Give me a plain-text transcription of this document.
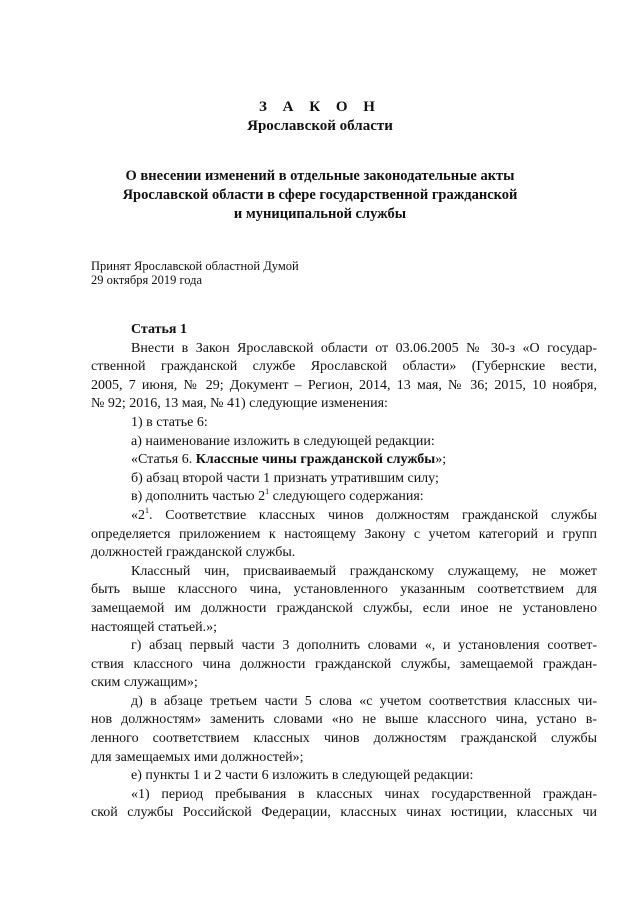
З А К О Н
Ярославской области
О внесении изменений в отдельные законодательные акты
Ярославской области в сфере государственной гражданской
и муниципальной службы
Принят Ярославской областной Думой
29 октября 2019 года
Статья 1
Внести в Закон Ярославской области от 03.06.2005 № 30-з «О государ-
ственной гражданской службе Ярославской области» (Губернские вести,
2005, 7 июня, № 29; Документ – Регион, 2014, 13 мая, № 36; 2015, 10 ноября,
№ 92; 2016, 13 мая, № 41) следующие изменения:
1) в статье 6:
а) наименование изложить в следующей редакции:
«Статья 6. Классные чины гражданской службы»;
б) абзац второй части 1 признать утратившим силу;
в) дополнить частью $2^1$ следующего содержания:
«$2^1$. Соответствие классных чинов должностям гражданской службы
определяется приложением к настоящему Закону с учетом категорий и групп
должностей гражданской службы.
Классный чин, присваиваемый гражданскому служащему, не может
быть выше классного чина, установленного указанным соответствием для
замещаемой им должности гражданской службы, если иное не установлено
настоящей статьей.»;
г) абзац первый части 3 дополнить словами «, и установления соответ-
ствия классного чина должности гражданской службы, замещаемой граждан-
ским служащим»;
д) в абзаце третьем части 5 слова «с учетом соответствия классных чи-
нов должностям» заменить словами «но не выше классного чина, устано в-
ленного соответствием классных чинов должностям гражданской службы
для замещаемых ими должностей»;
е) пункты 1 и 2 части 6 изложить в следующей редакции:
«1) период пребывания в классных чинах государственной граждан-
ской службы Российской Федерации, классных чинах юстиции, классных чи
